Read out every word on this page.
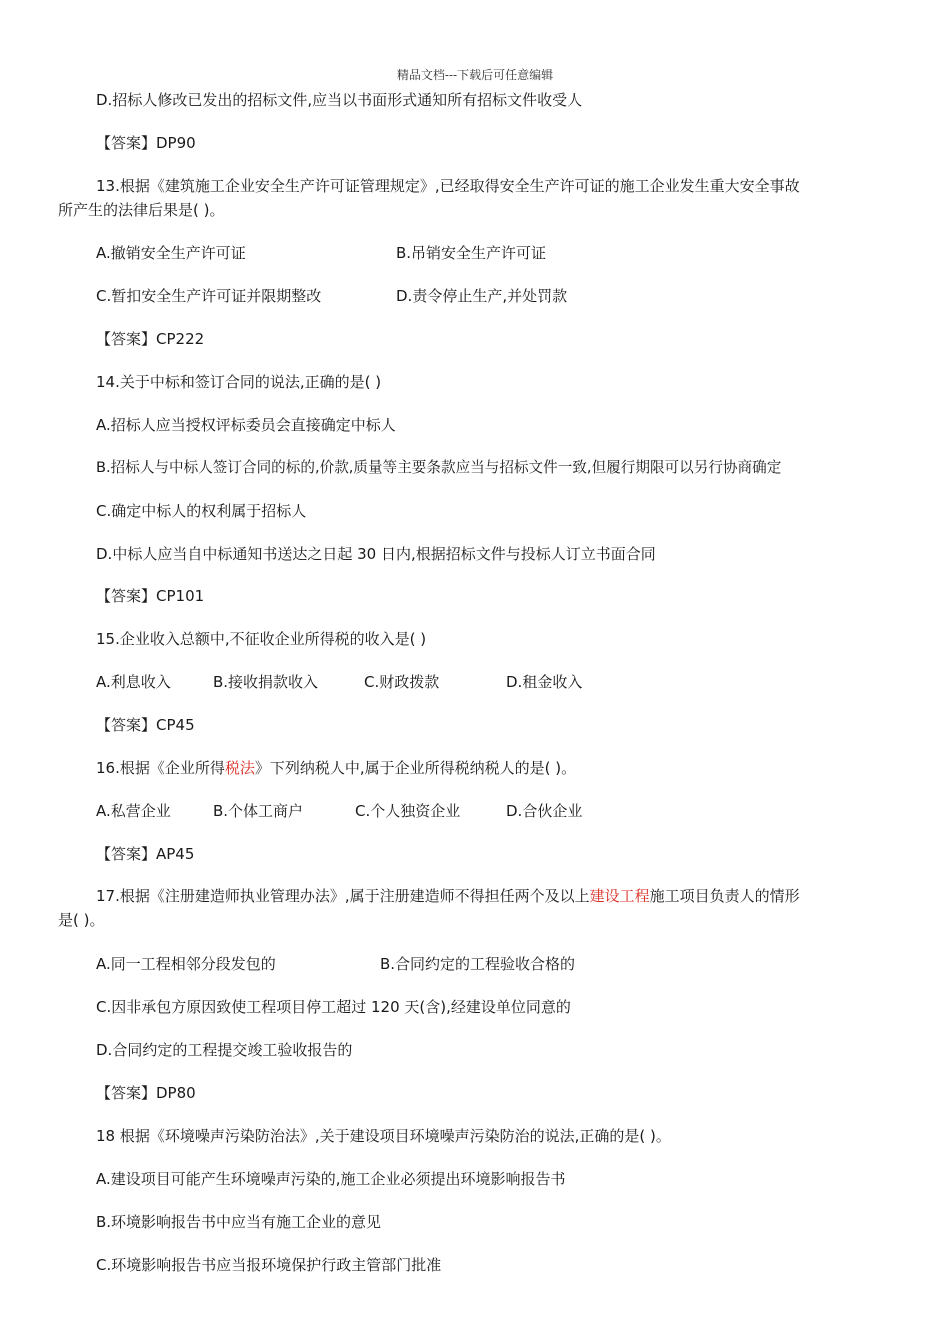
精品文档---下载后可任意编辑
D.招标人修改已发出的招标文件,应当以书面形式通知所有招标文件收受人
【答案】DP90
13.根据《建筑施工企业安全生产许可证管理规定》,已经取得安全生产许可证的施工企业发生重大安全事故
所产生的法律后果是( )。
A.撤销安全生产许可证	B.吊销安全生产许可证
C.暂扣安全生产许可证并限期整改	D.责令停止生产,并处罚款
【答案】CP222
14.关于中标和签订合同的说法,正确的是( )
A.招标人应当授权评标委员会直接确定中标人
B.招标人与中标人签订合同的标的,价款,质量等主要条款应当与招标文件一致,但履行期限可以另行协商确定
C.确定中标人的权利属于招标人
D.中标人应当自中标通知书送达之日起 30 日内,根据招标文件与投标人订立书面合同
【答案】CP101
15.企业收入总额中,不征收企业所得税的收入是( )
A.利息收入	B.接收捐款收入	C.财政拨款	D.租金收入
【答案】CP45
16.根据《企业所得税法》下列纳税人中,属于企业所得税纳税人的是( )。
A.私营企业	B.个体工商户	C.个人独资企业	D.合伙企业
【答案】AP45
17.根据《注册建造师执业管理办法》,属于注册建造师不得担任两个及以上建设工程施工项目负责人的情形
是( )。
A.同一工程相邻分段发包的	B.合同约定的工程验收合格的
C.因非承包方原因致使工程项目停工超过 120 天(含),经建设单位同意的
D.合同约定的工程提交竣工验收报告的
【答案】DP80
18 根据《环境噪声污染防治法》,关于建设项目环境噪声污染防治的说法,正确的是( )。
A.建设项目可能产生环境噪声污染的,施工企业必须提出环境影响报告书
B.环境影响报告书中应当有施工企业的意见
C.环境影响报告书应当报环境保护行政主管部门批准
